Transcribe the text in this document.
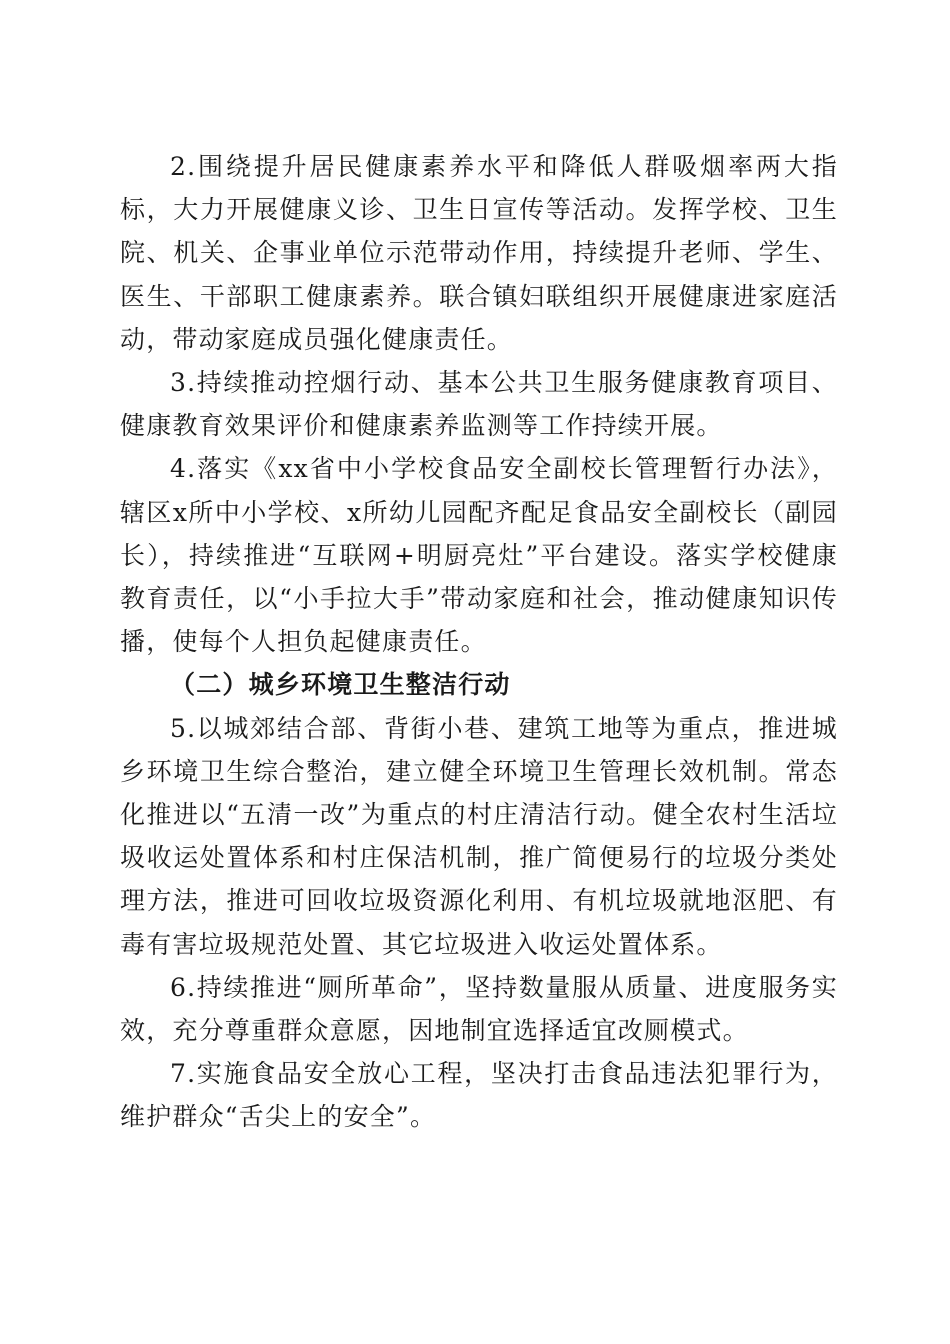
2.围绕提升居民健康素养水平和降低人群吸烟率两大指标，大力开展健康义诊、卫生日宣传等活动。发挥学校、卫生院、机关、企事业单位示范带动作用，持续提升老师、学生、医生、干部职工健康素养。联合镇妇联组织开展健康进家庭活动，带动家庭成员强化健康责任。

3.持续推动控烟行动、基本公共卫生服务健康教育项目、健康教育效果评价和健康素养监测等工作持续开展。

4.落实《xx省中小学校食品安全副校长管理暂行办法》，辖区x所中小学校、x所幼儿园配齐配足食品安全副校长（副园长），持续推进“互联网+明厨亮灶”平台建设。落实学校健康教育责任，以“小手拉大手”带动家庭和社会，推动健康知识传播，使每个人担负起健康责任。

（二）城乡环境卫生整洁行动

5.以城郊结合部、背街小巷、建筑工地等为重点，推进城乡环境卫生综合整治，建立健全环境卫生管理长效机制。常态化推进以“五清一改”为重点的村庄清洁行动。健全农村生活垃圾收运处置体系和村庄保洁机制，推广简便易行的垃圾分类处理方法，推进可回收垃圾资源化利用、有机垃圾就地沤肥、有毒有害垃圾规范处置、其它垃圾进入收运处置体系。

6.持续推进“厕所革命”，坚持数量服从质量、进度服务实效，充分尊重群众意愿，因地制宜选择适宜改厕模式。

7.实施食品安全放心工程，坚决打击食品违法犯罪行为，维护群众“舌尖上的安全”。
